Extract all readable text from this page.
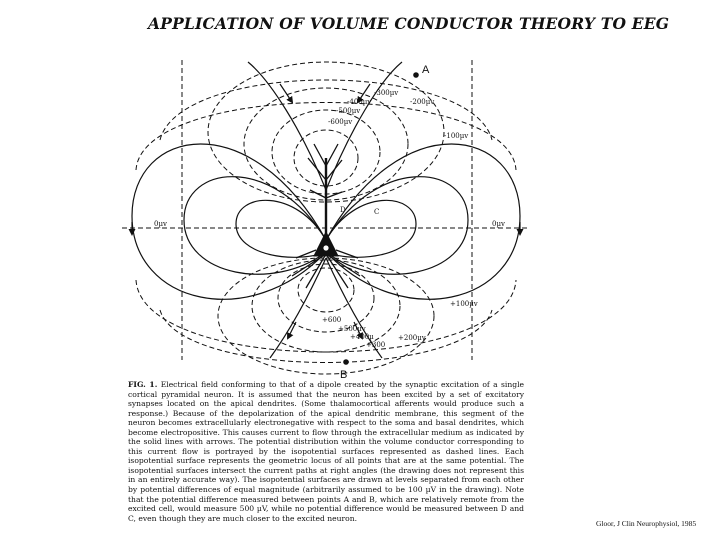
APPLICATION OF VOLUME CONDUCTOR THEORY TO EEG
A
B
D	C
-300µv
-400µv	-200µv
-500µv
-600µv
-100µv
0µv	0µv
+100µv
+600
+500µv
+400µ
+300
+200µv
FIG. 1. Electrical field conforming to that of a dipole created by the synaptic excitation of a single cortical pyramidal neuron. It is assumed that the neuron has been excited by a set of excitatory synapses located on the apical dendrites. (Some thalamocortical afferents would produce such a response.) Because of the depolarization of the apical dendritic membrane, this segment of the neuron becomes extracellularly electronegative with respect to the soma and basal dendrites, which become electropositive. This causes current to flow through the extracellular medium as indicated by the solid lines with arrows. The potential distribution within the volume conductor corresponding to this current flow is portrayed by the isopotential surfaces represented as dashed lines. Each isopotential surface represents the geometric locus of all points that are at the same potential. The isopotential surfaces intersect the current paths at right angles (the drawing does not represent this in an entirely accurate way). The isopotential surfaces are drawn at levels separated from each other by potential differences of equal magnitude (arbitrarily assumed to be 100 µV in the drawing). Note that the potential difference measured between points A and B, which are relatively remote from the excited cell, would measure 500 µV, while no potential difference would be measured between D and C, even though they are much closer to the excited neuron.
Gloor, J Clin Neurophysiol, 1985
